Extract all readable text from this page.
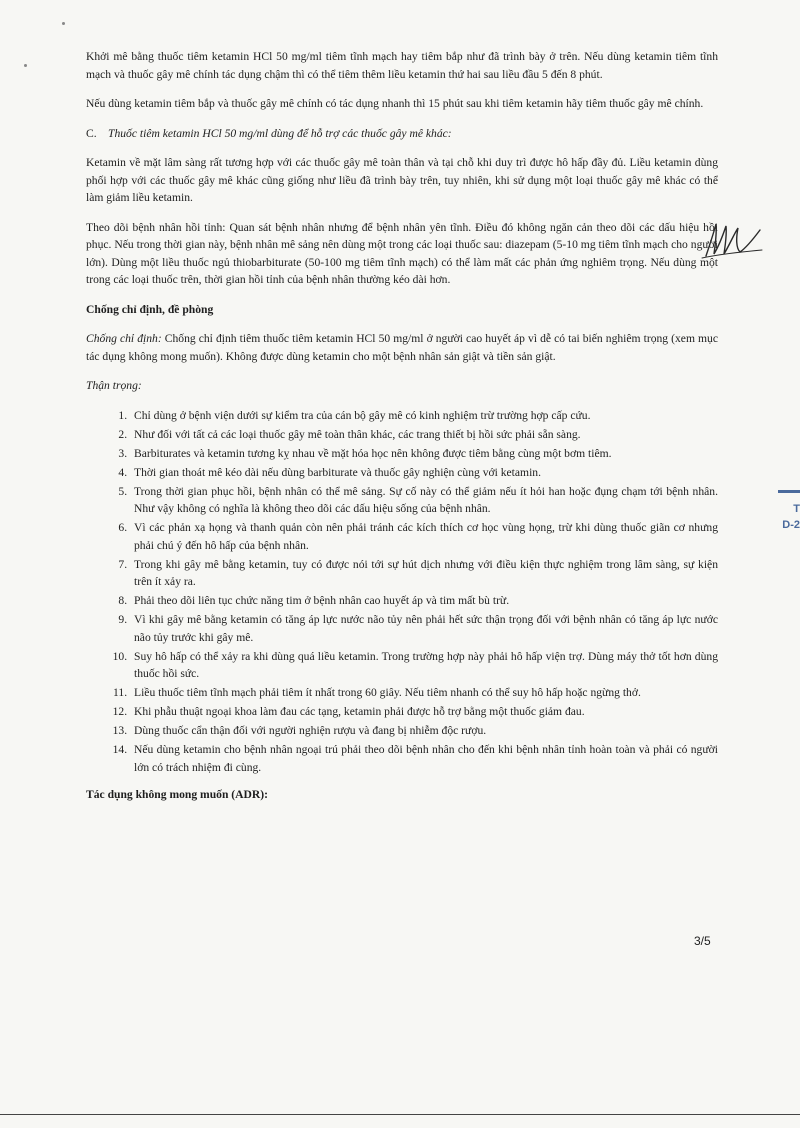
Khởi mê bằng thuốc tiêm ketamin HCl 50 mg/ml tiêm tĩnh mạch hay tiêm bắp như đã trình bày ở trên. Nếu dùng ketamin tiêm tĩnh mạch và thuốc gây mê chính tác dụng chậm thì có thể tiêm thêm liều ketamin thứ hai sau liều đầu 5 đến 8 phút.

Nếu dùng ketamin tiêm bắp và thuốc gây mê chính có tác dụng nhanh thì 15 phút sau khi tiêm ketamin hãy tiêm thuốc gây mê chính.

C. Thuốc tiêm ketamin HCl 50 mg/ml dùng để hỗ trợ các thuốc gây mê khác:

Ketamin về mặt lâm sàng rất tương hợp với các thuốc gây mê toàn thân và tại chỗ khi duy trì được hô hấp đầy đủ. Liều ketamin dùng phối hợp với các thuốc gây mê khác cũng giống như liều đã trình bày trên, tuy nhiên, khi sử dụng một loại thuốc gây mê khác có thể làm giảm liều ketamin.

Theo dõi bệnh nhân hồi tỉnh: Quan sát bệnh nhân nhưng để bệnh nhân yên tĩnh. Điều đó không ngăn cản theo dõi các dấu hiệu hồi phục. Nếu trong thời gian này, bệnh nhân mê sảng nên dùng một trong các loại thuốc sau: diazepam (5-10 mg tiêm tĩnh mạch cho người lớn). Dùng một liều thuốc ngủ thiobarbiturate (50-100 mg tiêm tĩnh mạch) có thể làm mất các phản ứng nghiêm trọng. Nếu dùng một trong các loại thuốc trên, thời gian hồi tỉnh của bệnh nhân thường kéo dài hơn.

Chống chỉ định, đề phòng

Chống chỉ định: Chống chỉ định tiêm thuốc tiêm ketamin HCl 50 mg/ml ở người cao huyết áp vì dễ có tai biến nghiêm trọng (xem mục tác dụng không mong muốn). Không được dùng ketamin cho một bệnh nhân sản giật và tiền sản giật.

Thận trọng:

1. Chỉ dùng ở bệnh viện dưới sự kiểm tra của cán bộ gây mê có kinh nghiệm trừ trường hợp cấp cứu.
2. Như đối với tất cả các loại thuốc gây mê toàn thân khác, các trang thiết bị hồi sức phải sẵn sàng.
3. Barbiturates và ketamin tương kỵ nhau về mặt hóa học nên không được tiêm bằng cùng một bơm tiêm.
4. Thời gian thoát mê kéo dài nếu dùng barbiturate và thuốc gây nghiện cùng với ketamin.
5. Trong thời gian phục hồi, bệnh nhân có thể mê sảng. Sự cố này có thể giảm nếu ít hỏi han hoặc đụng chạm tới bệnh nhân. Như vậy không có nghĩa là không theo dõi các dấu hiệu sống của bệnh nhân.
6. Vì các phản xạ họng và thanh quản còn nên phải tránh các kích thích cơ học vùng họng, trừ khi dùng thuốc giãn cơ nhưng phải chú ý đến hô hấp của bệnh nhân.
7. Trong khi gây mê bằng ketamin, tuy có được nói tới sự hút dịch nhưng với điều kiện thực nghiệm trong lâm sàng, sự kiện trên ít xảy ra.
8. Phải theo dõi liên tục chức năng tim ở bệnh nhân cao huyết áp và tim mất bù trừ.
9. Vì khi gây mê bằng ketamin có tăng áp lực nước não tủy nên phải hết sức thận trọng đối với bệnh nhân có tăng áp lực nước não tủy trước khi gây mê.
10. Suy hô hấp có thể xảy ra khi dùng quá liều ketamin. Trong trường hợp này phải hô hấp viện trợ. Dùng máy thở tốt hơn dùng thuốc hồi sức.
11. Liều thuốc tiêm tĩnh mạch phải tiêm ít nhất trong 60 giây. Nếu tiêm nhanh có thể suy hô hấp hoặc ngừng thở.
12. Khi phẫu thuật ngoại khoa làm đau các tạng, ketamin phải được hỗ trợ bằng một thuốc giảm đau.
13. Dùng thuốc cẩn thận đối với người nghiện rượu và đang bị nhiễm độc rượu.
14. Nếu dùng ketamin cho bệnh nhân ngoại trú phải theo dõi bệnh nhân cho đến khi bệnh nhân tỉnh hoàn toàn và phải có người lớn có trách nhiệm đi cùng.

Tác dụng không mong muốn (ADR):

T
D-2
3/5
